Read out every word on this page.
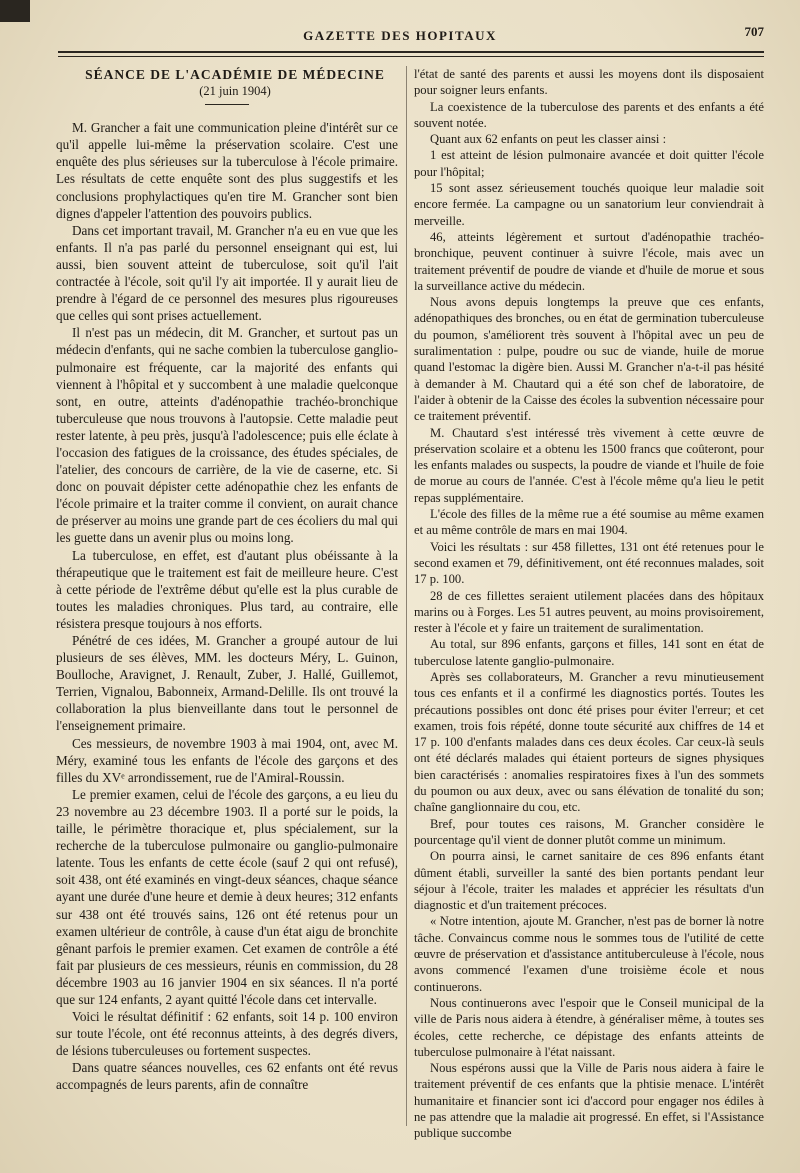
GAZETTE DES HOPITAUX	707

SÉANCE DE L'ACADÉMIE DE MÉDECINE

(21 juin 1904)

M. Grancher a fait une communication pleine d'intérêt sur ce qu'il appelle lui-même la préservation scolaire. C'est une enquête des plus sérieuses sur la tuberculose à l'école primaire. Les résultats de cette enquête sont des plus suggestifs et les conclusions prophylactiques qu'en tire M. Grancher sont bien dignes d'appeler l'attention des pouvoirs publics.

Dans cet important travail, M. Grancher n'a eu en vue que les enfants. Il n'a pas parlé du personnel enseignant qui est, lui aussi, bien souvent atteint de tuberculose, soit qu'il l'ait contractée à l'école, soit qu'il l'y ait importée. Il y aurait lieu de prendre à l'égard de ce personnel des mesures plus rigoureuses que celles qui sont prises actuellement.

Il n'est pas un médecin, dit M. Grancher, et surtout pas un médecin d'enfants, qui ne sache combien la tuberculose ganglio-pulmonaire est fréquente, car la majorité des enfants qui viennent à l'hôpital et y succombent à une maladie quelconque sont, en outre, atteints d'adénopathie trachéo-bronchique tuberculeuse que nous trouvons à l'autopsie. Cette maladie peut rester latente, à peu près, jusqu'à l'adolescence; puis elle éclate à l'occasion des fatigues de la croissance, des études spéciales, de l'atelier, des concours de carrière, de la vie de caserne, etc. Si donc on pouvait dépister cette adénopathie chez les enfants de l'école primaire et la traiter comme il convient, on aurait chance de préserver au moins une grande part de ces écoliers du mal qui les guette dans un avenir plus ou moins long.

La tuberculose, en effet, est d'autant plus obéissante à la thérapeutique que le traitement est fait de meilleure heure. C'est à cette période de l'extrême début qu'elle est la plus curable de toutes les maladies chroniques. Plus tard, au contraire, elle résistera presque toujours à nos efforts.

Pénétré de ces idées, M. Grancher a groupé autour de lui plusieurs de ses élèves, MM. les docteurs Méry, L. Guinon, Boulloche, Aravignet, J. Renault, Zuber, J. Hallé, Guillemot, Terrien, Vignalou, Babonneix, Armand-Delille. Ils ont trouvé la collaboration la plus bienveillante dans tout le personnel de l'enseignement primaire.

Ces messieurs, de novembre 1903 à mai 1904, ont, avec M. Méry, examiné tous les enfants de l'école des garçons et des filles du XVᵉ arrondissement, rue de l'Amiral-Roussin.

Le premier examen, celui de l'école des garçons, a eu lieu du 23 novembre au 23 décembre 1903. Il a porté sur le poids, la taille, le périmètre thoracique et, plus spécialement, sur la recherche de la tuberculose pulmonaire ou ganglio-pulmonaire latente. Tous les enfants de cette école (sauf 2 qui ont refusé), soit 438, ont été examinés en vingt-deux séances, chaque séance ayant une durée d'une heure et demie à deux heures; 312 enfants sur 438 ont été trouvés sains, 126 ont été retenus pour un examen ultérieur de contrôle, à cause d'un état aigu de bronchite gênant parfois le premier examen. Cet examen de contrôle a été fait par plusieurs de ces messieurs, réunis en commission, du 28 décembre 1903 au 16 janvier 1904 en six séances. Il n'a porté que sur 124 enfants, 2 ayant quitté l'école dans cet intervalle.

Voici le résultat définitif : 62 enfants, soit 14 p. 100 environ sur toute l'école, ont été reconnus atteints, à des degrés divers, de lésions tuberculeuses ou fortement suspectes.

Dans quatre séances nouvelles, ces 62 enfants ont été revus accompagnés de leurs parents, afin de connaître

l'état de santé des parents et aussi les moyens dont ils disposaient pour soigner leurs enfants.

La coexistence de la tuberculose des parents et des enfants a été souvent notée.

Quant aux 62 enfants on peut les classer ainsi :

1 est atteint de lésion pulmonaire avancée et doit quitter l'école pour l'hôpital;

15 sont assez sérieusement touchés quoique leur maladie soit encore fermée. La campagne ou un sanatorium leur conviendrait à merveille.

46, atteints légèrement et surtout d'adénopathie trachéo-bronchique, peuvent continuer à suivre l'école, mais avec un traitement préventif de poudre de viande et d'huile de morue et sous la surveillance active du médecin.

Nous avons depuis longtemps la preuve que ces enfants, adénopathiques des bronches, ou en état de germination tuberculeuse du poumon, s'améliorent très souvent à l'hôpital avec un peu de suralimentation : pulpe, poudre ou suc de viande, huile de morue quand l'estomac la digère bien. Aussi M. Grancher n'a-t-il pas hésité à demander à M. Chautard qui a été son chef de laboratoire, de l'aider à obtenir de la Caisse des écoles la subvention nécessaire pour ce traitement préventif.

M. Chautard s'est intéressé très vivement à cette œuvre de préservation scolaire et a obtenu les 1500 francs que coûteront, pour les enfants malades ou suspects, la poudre de viande et l'huile de foie de morue au cours de l'année. C'est à l'école même qu'a lieu le petit repas supplémentaire.

L'école des filles de la même rue a été soumise au même examen et au même contrôle de mars en mai 1904.

Voici les résultats : sur 458 fillettes, 131 ont été retenues pour le second examen et 79, définitivement, ont été reconnues malades, soit 17 p. 100.

28 de ces fillettes seraient utilement placées dans des hôpitaux marins ou à Forges. Les 51 autres peuvent, au moins provisoirement, rester à l'école et y faire un traitement de suralimentation.

Au total, sur 896 enfants, garçons et filles, 141 sont en état de tuberculose latente ganglio-pulmonaire.

Après ses collaborateurs, M. Grancher a revu minutieusement tous ces enfants et il a confirmé les diagnostics portés. Toutes les précautions possibles ont donc été prises pour éviter l'erreur; et cet examen, trois fois répété, donne toute sécurité aux chiffres de 14 et 17 p. 100 d'enfants malades dans ces deux écoles. Car ceux-là seuls ont été déclarés malades qui étaient porteurs de signes physiques bien caractérisés : anomalies respiratoires fixes à l'un des sommets du poumon ou aux deux, avec ou sans élévation de tonalité du son; chaîne ganglionnaire du cou, etc.

Bref, pour toutes ces raisons, M. Grancher considère le pourcentage qu'il vient de donner plutôt comme un minimum.

On pourra ainsi, le carnet sanitaire de ces 896 enfants étant dûment établi, surveiller la santé des bien portants pendant leur séjour à l'école, traiter les malades et apprécier les résultats d'un diagnostic et d'un traitement précoces.

« Notre intention, ajoute M. Grancher, n'est pas de borner là notre tâche. Convaincus comme nous le sommes tous de l'utilité de cette œuvre de préservation et d'assistance antituberculeuse à l'école, nous avons commencé l'examen d'une troisième école et nous continuerons.

Nous continuerons avec l'espoir que le Conseil municipal de la ville de Paris nous aidera à étendre, à généraliser même, à toutes ses écoles, cette recherche, ce dépistage des enfants atteints de tuberculose pulmonaire à l'état naissant.

Nous espérons aussi que la Ville de Paris nous aidera à faire le traitement préventif de ces enfants que la phtisie menace. L'intérêt humanitaire et financier sont ici d'accord pour engager nos édiles à ne pas attendre que la maladie ait progressé. En effet, si l'Assistance publique succombe
